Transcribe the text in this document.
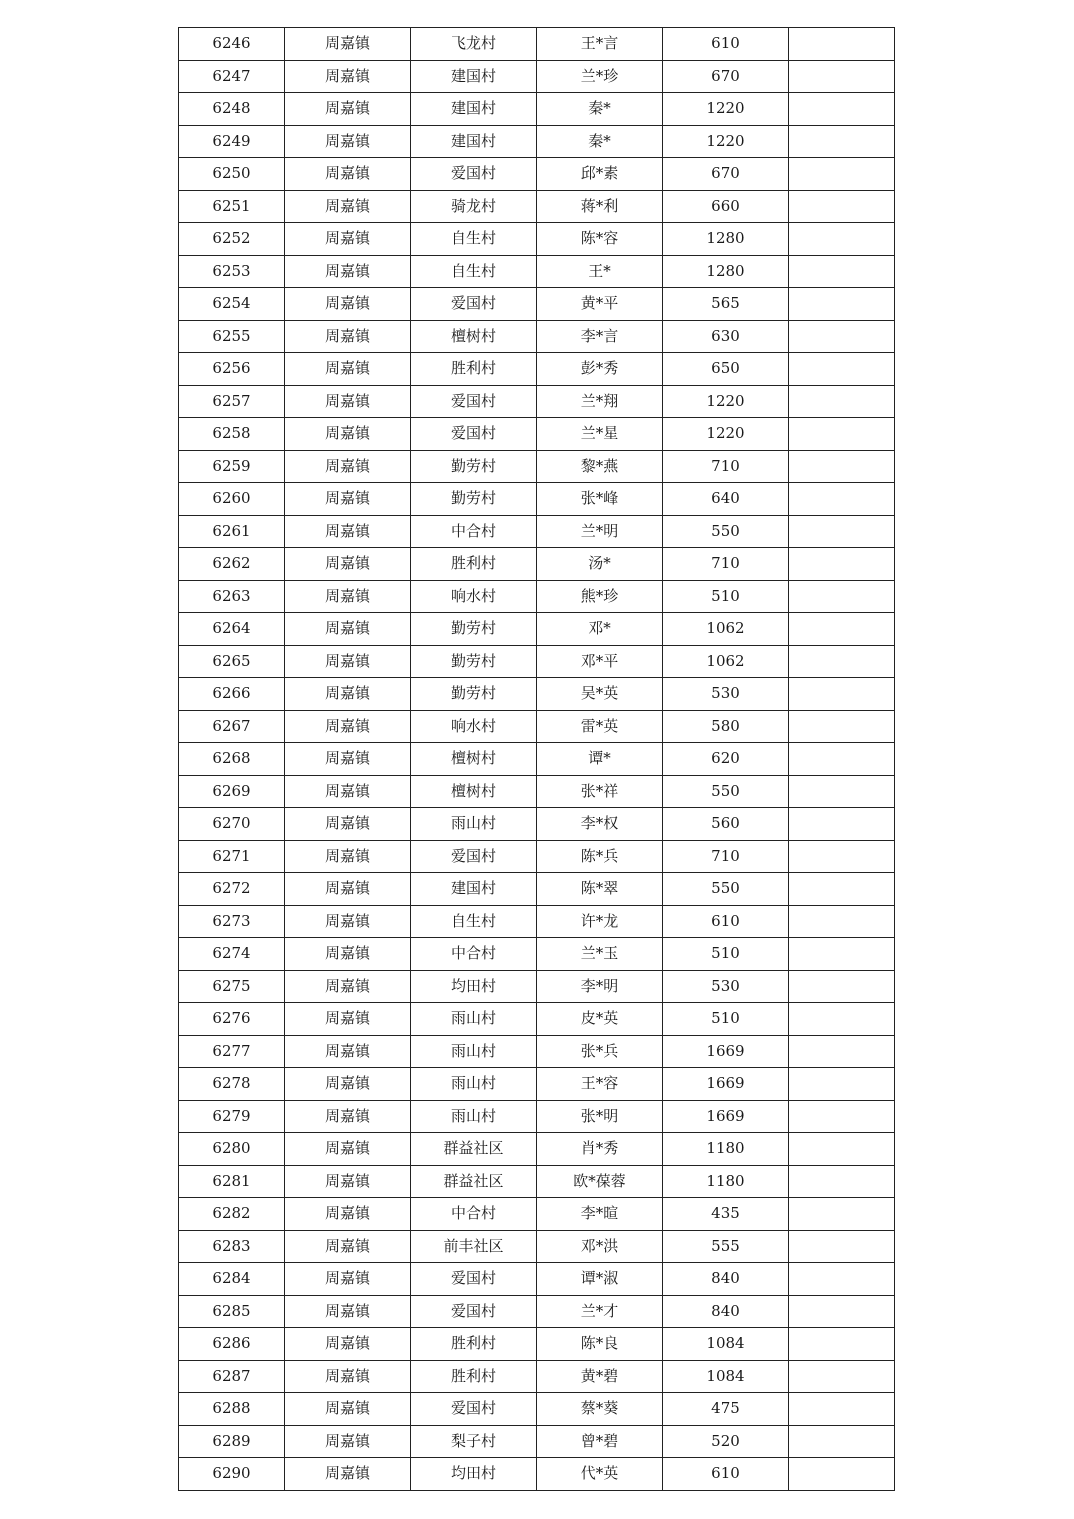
6246	周嘉镇	飞龙村	王*言	610	
6247	周嘉镇	建国村	兰*珍	670	
6248	周嘉镇	建国村	秦*	1220	
6249	周嘉镇	建国村	秦*	1220	
6250	周嘉镇	爱国村	邱*素	670	
6251	周嘉镇	骑龙村	蒋*利	660	
6252	周嘉镇	自生村	陈*容	1280	
6253	周嘉镇	自生村	王*	1280	
6254	周嘉镇	爱国村	黄*平	565	
6255	周嘉镇	檀树村	李*言	630	
6256	周嘉镇	胜利村	彭*秀	650	
6257	周嘉镇	爱国村	兰*翔	1220	
6258	周嘉镇	爱国村	兰*星	1220	
6259	周嘉镇	勤劳村	黎*燕	710	
6260	周嘉镇	勤劳村	张*峰	640	
6261	周嘉镇	中合村	兰*明	550	
6262	周嘉镇	胜利村	汤*	710	
6263	周嘉镇	响水村	熊*珍	510	
6264	周嘉镇	勤劳村	邓*	1062	
6265	周嘉镇	勤劳村	邓*平	1062	
6266	周嘉镇	勤劳村	吴*英	530	
6267	周嘉镇	响水村	雷*英	580	
6268	周嘉镇	檀树村	谭*	620	
6269	周嘉镇	檀树村	张*祥	550	
6270	周嘉镇	雨山村	李*权	560	
6271	周嘉镇	爱国村	陈*兵	710	
6272	周嘉镇	建国村	陈*翠	550	
6273	周嘉镇	自生村	许*龙	610	
6274	周嘉镇	中合村	兰*玉	510	
6275	周嘉镇	均田村	李*明	530	
6276	周嘉镇	雨山村	皮*英	510	
6277	周嘉镇	雨山村	张*兵	1669	
6278	周嘉镇	雨山村	王*容	1669	
6279	周嘉镇	雨山村	张*明	1669	
6280	周嘉镇	群益社区	肖*秀	1180	
6281	周嘉镇	群益社区	欧*葆蓉	1180	
6282	周嘉镇	中合村	李*暄	435	
6283	周嘉镇	前丰社区	邓*洪	555	
6284	周嘉镇	爱国村	谭*淑	840	
6285	周嘉镇	爱国村	兰*才	840	
6286	周嘉镇	胜利村	陈*良	1084	
6287	周嘉镇	胜利村	黄*碧	1084	
6288	周嘉镇	爱国村	蔡*葵	475	
6289	周嘉镇	梨子村	曾*碧	520	
6290	周嘉镇	均田村	代*英	610	
